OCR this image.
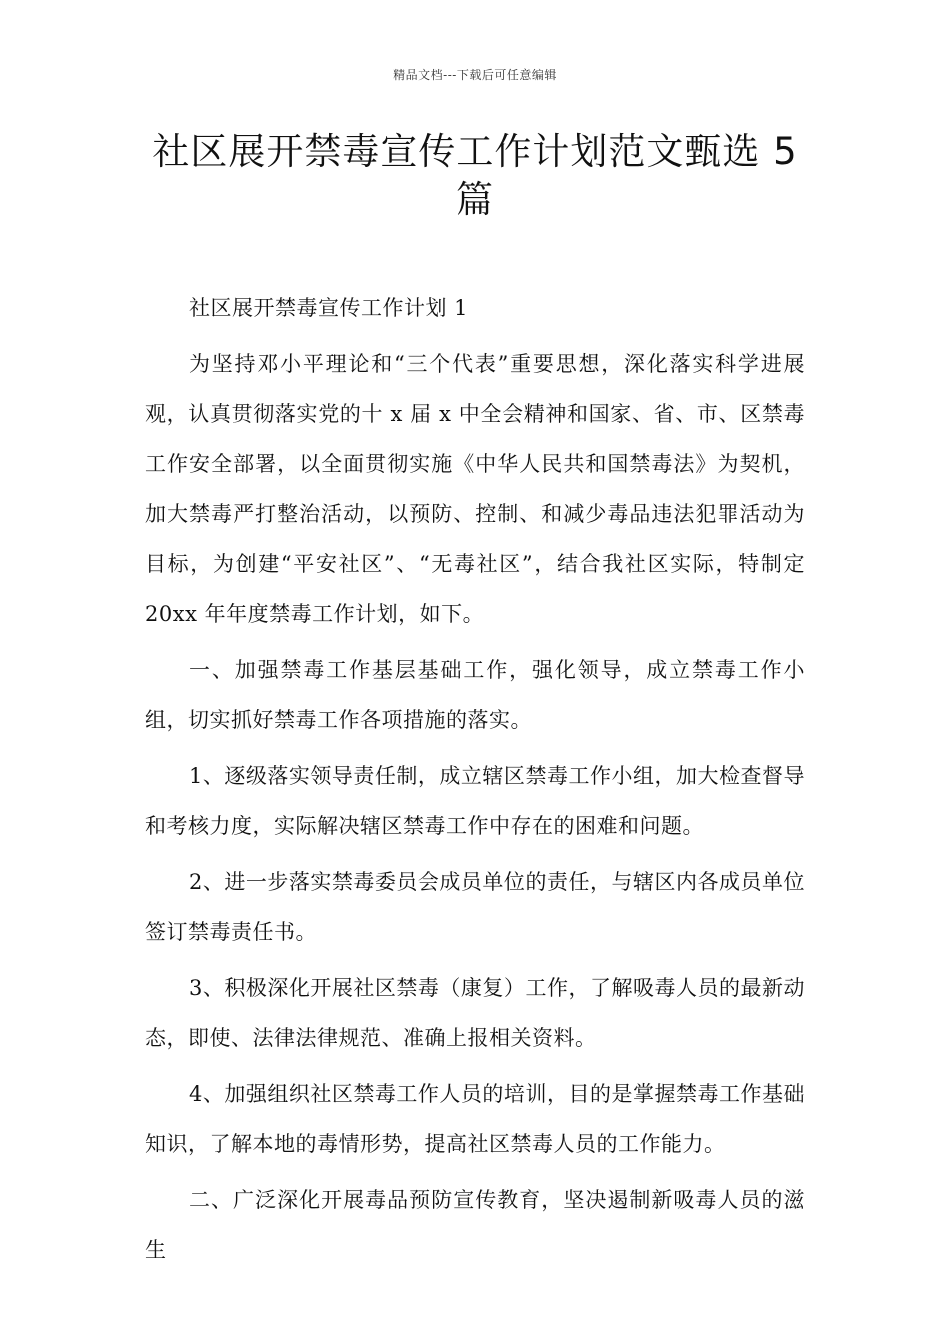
精品文档---下载后可任意编辑
社区展开禁毒宣传工作计划范文甄选 5 篇

社区展开禁毒宣传工作计划 1

为坚持邓小平理论和“三个代表”重要思想，深化落实科学进展观，认真贯彻落实党的十 x 届 x 中全会精神和国家、省、市、区禁毒工作安全部署，以全面贯彻实施《中华人民共和国禁毒法》为契机，加大禁毒严打整治活动，以预防、控制、和减少毒品违法犯罪活动为目标，为创建“平安社区”、“无毒社区”，结合我社区实际，特制定 20xx 年年度禁毒工作计划，如下。

一、加强禁毒工作基层基础工作，强化领导，成立禁毒工作小组，切实抓好禁毒工作各项措施的落实。

1、逐级落实领导责任制，成立辖区禁毒工作小组，加大检查督导和考核力度，实际解决辖区禁毒工作中存在的困难和问题。

2、进一步落实禁毒委员会成员单位的责任，与辖区内各成员单位签订禁毒责任书。

3、积极深化开展社区禁毒（康复）工作，了解吸毒人员的最新动态，即使、法律法律规范、准确上报相关资料。

4、加强组织社区禁毒工作人员的培训，目的是掌握禁毒工作基础知识，了解本地的毒情形势，提高社区禁毒人员的工作能力。

二、广泛深化开展毒品预防宣传教育，坚决遏制新吸毒人员的滋生
